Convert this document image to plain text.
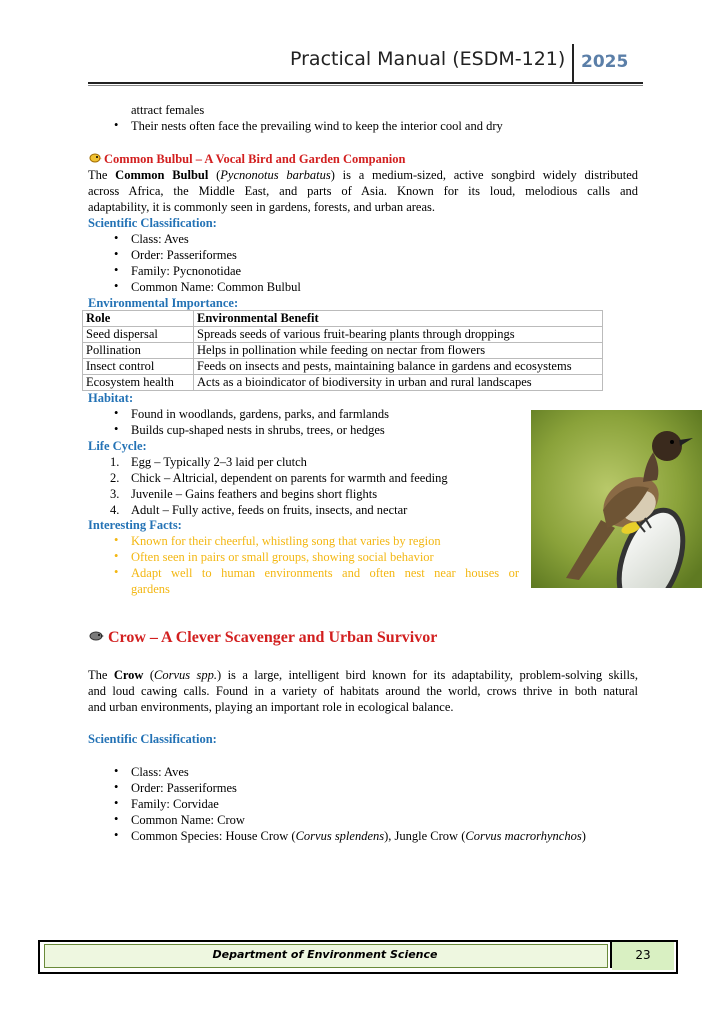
Practical Manual (ESDM-121) 2025
attract females
•
Their nests often face the prevailing wind to keep the interior cool and dry
Common Bulbul – A Vocal Bird and Garden Companion
The Common Bulbul (Pycnonotus barbatus) is a medium-sized, active songbird widely distributed
across Africa, the Middle East, and parts of Asia. Known for its loud, melodious calls and
adaptability, it is commonly seen in gardens, forests, and urban areas.
Scientific Classification:
•
Class: Aves
•
Order: Passeriformes
•
Family: Pycnonotidae
•
Common Name: Common Bulbul
Environmental Importance:
Role	Environmental Benefit
Seed dispersal	Spreads seeds of various fruit-bearing plants through droppings
Pollination	Helps in pollination while feeding on nectar from flowers
Insect control	Feeds on insects and pests, maintaining balance in gardens and ecosystems
Ecosystem health	Acts as a bioindicator of biodiversity in urban and rural landscapes
Habitat:
•
Found in woodlands, gardens, parks, and farmlands
•
Builds cup-shaped nests in shrubs, trees, or hedges
Life Cycle:
1. Egg – Typically 2–3 laid per clutch
2. Chick – Altricial, dependent on parents for warmth and feeding
3. Juvenile – Gains feathers and begins short flights
4. Adult – Fully active, feeds on fruits, insects, and nectar
Interesting Facts:
•
Known for their cheerful, whistling song that varies by region
•
Often seen in pairs or small groups, showing social behavior
•
Adapt well to human environments and often nest near houses or
gardens
Crow – A Clever Scavenger and Urban Survivor
The Crow (Corvus spp.) is a large, intelligent bird known for its adaptability, problem-solving skills,
and loud cawing calls. Found in a variety of habitats around the world, crows thrive in both natural
and urban environments, playing an important role in ecological balance.
Scientific Classification:
•
Class: Aves
•
Order: Passeriformes
•
Family: Corvidae
•
Common Name: Crow
•
Common Species: House Crow (Corvus splendens), Jungle Crow (Corvus macrorhynchos)
Department of Environment Science	23
